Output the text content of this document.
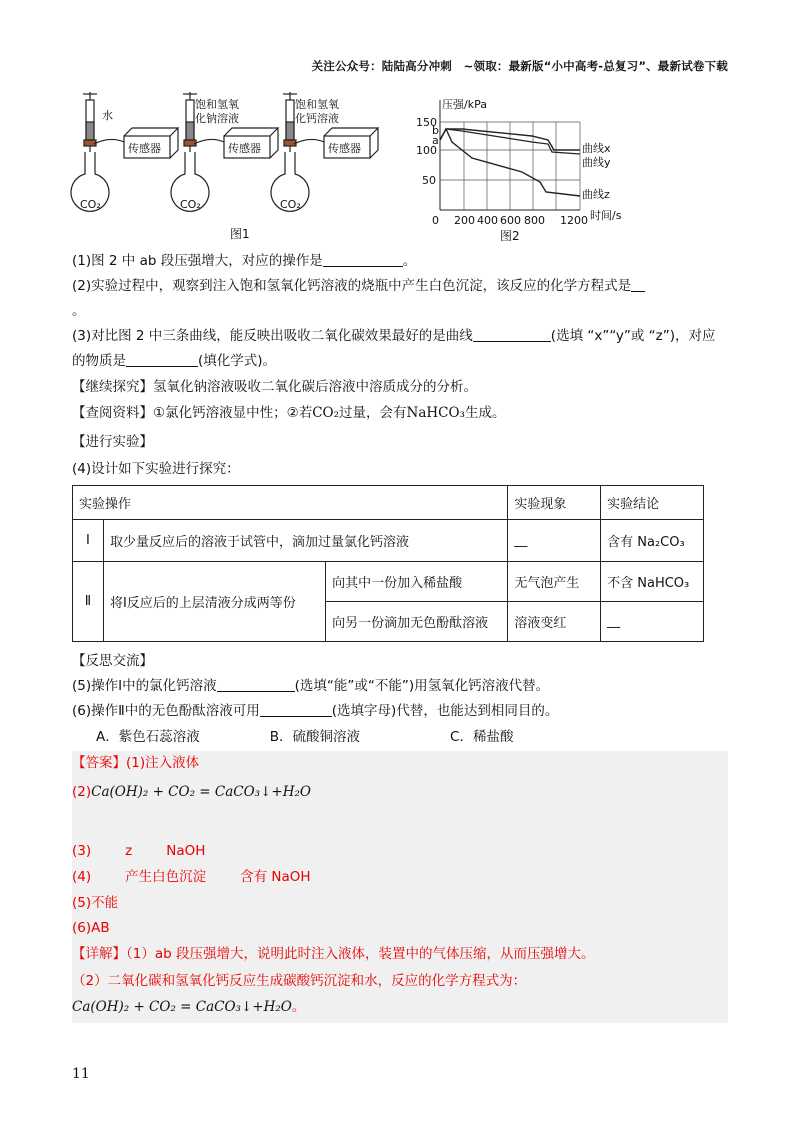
关注公众号：陆陆高分冲刺　~领取：最新版“小中高考-总复习”、最新试卷下载
水
饱和氢氧
化钠溶液
饱和氢氧
化钙溶液
传感器	传感器	传感器
CO₂	CO₂	CO₂
图1
压强/kPa
150
100
50
0 200 400 600 800 1200 时间/s
b
a
曲线x
曲线y
曲线z
图2
(1)图 2 中 ab 段压强增大，对应的操作是	。
(2)实验过程中，观察到注入饱和氢氧化钙溶液的烧瓶中产生白色沉淀，该反应的化学方程式是
。
(3)对比图 2 中三条曲线，能反映出吸收二氧化碳效果最好的是曲线	(选填 “x”“y”或 “z”)，对应
的物质是	(填化学式)。
【继续探究】氢氧化钠溶液吸收二氧化碳后溶液中溶质成分的分析。
【查阅资料】①氯化钙溶液显中性；②若CO₂过量，会有NaHCO₃生成。
【进行实验】
(4)设计如下实验进行探究：
实验操作			实验现象	实验结论
Ⅰ	取少量反应后的溶液于试管中，滴加过量氯化钙溶液		__	含有 Na₂CO₃
Ⅱ	将Ⅰ反应后的上层清液分成两等份	向其中一份加入稀盐酸	无气泡产生	不含 NaHCO₃
		向另一份滴加无色酚酞溶液	溶液变红	__
【反思交流】
(5)操作Ⅰ中的氯化钙溶液	(选填“能”或“不能”)用氢氧化钙溶液代替。
(6)操作Ⅱ中的无色酚酞溶液可用	(选填字母)代替，也能达到相同目的。
A．紫色石蕊溶液	B．硫酸铜溶液	C．稀盐酸
【答案】(1)注入液体
(2)Ca(OH)₂ + CO₂ = CaCO₃↓+H₂O
(3)	z	NaOH
(4)	产生白色沉淀	含有 NaOH
(5)不能
(6)AB
【详解】（1）ab 段压强增大，说明此时注入液体，装置中的气体压缩，从而压强增大。
（2）二氧化碳和氢氧化钙反应生成碳酸钙沉淀和水，反应的化学方程式为：
Ca(OH)₂ + CO₂ = CaCO₃↓+H₂O。
11
